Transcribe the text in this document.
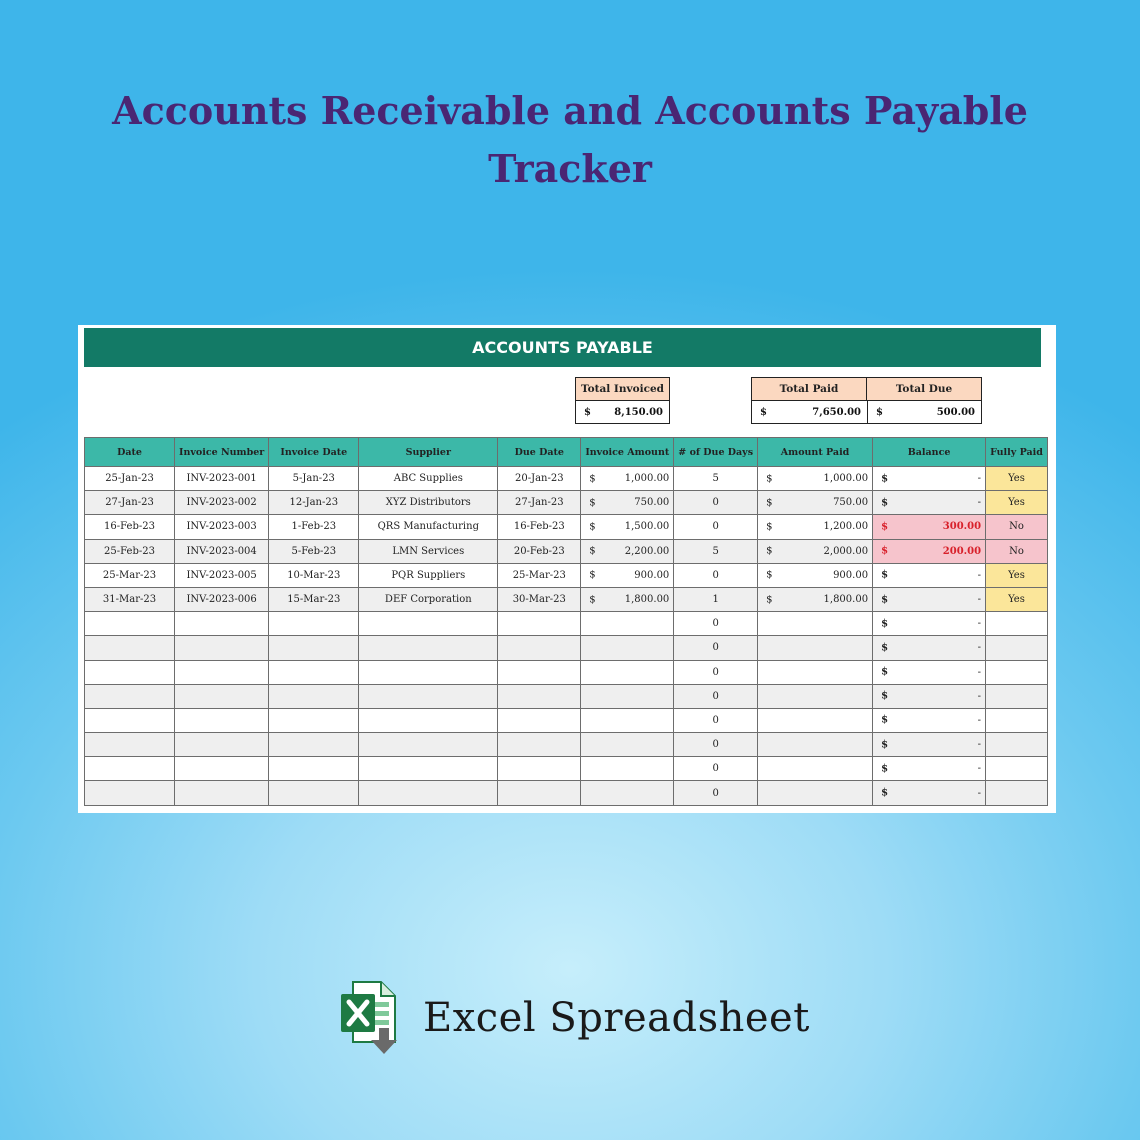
Accounts Receivable and Accounts Payable
Tracker
ACCOUNTS PAYABLE
Total Invoiced
$ 8,150.00
Total Paid	Total Due
$	7,650.00 $	500.00
Date	Invoice Number	Invoice Date	Supplier	Due Date	Invoice Amount	# of Due Days	Amount Paid	Balance	Fully Paid
25-Jan-23	INV-2023-001	5-Jan-23	ABC Supplies	20-Jan-23	$ 1,000.00	5	$ 1,000.00	$ -	Yes
27-Jan-23	INV-2023-002	12-Jan-23	XYZ Distributors	27-Jan-23	$ 750.00	0	$ 750.00	$ -	Yes
16-Feb-23	INV-2023-003	1-Feb-23	QRS Manufacturing	16-Feb-23	$ 1,500.00	0	$ 1,200.00	$ 300.00	No
25-Feb-23	INV-2023-004	5-Feb-23	LMN Services	20-Feb-23	$ 2,200.00	5	$ 2,000.00	$ 200.00	No
25-Mar-23	INV-2023-005	10-Mar-23	PQR Suppliers	25-Mar-23	$ 900.00	0	$ 900.00	$ -	Yes
31-Mar-23	INV-2023-006	15-Mar-23	DEF Corporation	30-Mar-23	$ 1,800.00	1	$ 1,800.00	$ -	Yes
						0		$ -	
						0		$ -	
						0		$ -	
						0		$ -	
						0		$ -	
						0		$ -	
						0		$ -	
						0		$ -	
Excel Spreadsheet
